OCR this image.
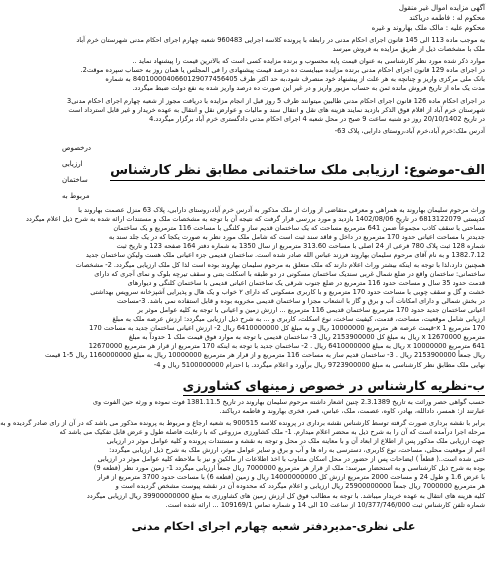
آگهی مزایده اموال غیر منقول
محکوم له : فاطمه دریاکند
محکوم علیه : مالک ملک بهاروند و غیره
به موجب ماده 113 الی 145 قانون اجرای احکام مدنی در رابطه با پرونده کلاسه اجرایی 960483 شعبه چهارم اجرای احکام مدنی شهرستان خرم آباد
ملک با مشخصات ذیل از طریق مزایده به فروش میرسد
موارد ذکر شده مورد نظر کارشناسی به عنوان قیمت پایه محسوب و برنده مزایده کسی است که بالاترین قیمت را پیشنهاد نماید ..
در اجرای ماده 129 قانون اجرای احکام مدنی برنده مزایده میبایست ده درصد قیمت پیشنهادی را فی المجلس یا همان روز به حساب سپرده موقت2.
بانک ملی مرکزی واریز و چنانچه به هر علت از پیشنهاد خود منصرف شود،به حد اکثر ظرف 8401000040660129077456405 به شماره
مدت یک ماه از تاریخ فروش مانده ثمن به حساب مزبور واریز و در غیر این صورت ده درصد واریز شده به نفع دولت ضبط میگردد.
در اجرای احکام ماده 126 قانون اجرای احکام مدنی طالبین میتوانند ظرف 5 روز قبل از انجام مزایده با دریافت مجوز از شعبه چهارم اجرای احکام مدنی3
شهرستان خرم آباد از اقلام فوق الذکر بازدید نمایند هزینه های نقل و انتقال سند و مالیات و عوارض نقل و انتقال به عهده خریدار و غیر قابل استرداد است
در تاریخ 20/10/1402 روز دو شنبه ساعت 9 صبح در محل شعبه 4 اجرای احکام مدنی دادگستری خرم آباد برگزار میگردد.4
آدرس ملک:خرم آباد،خرم آباد،روستای دارابی، پلاک 63-
الف-موضوع: ارزیابی ملک ساختمانی مطابق نظر کارشناس
درخصوص ارزیابی ساختمان مربوط به
وراث مرحوم سلیمان بهاروند به همراهی و معرفی متقاضی از وراث از ملک مذکور به آدرس خرم آباد،روستای دارابی، پلاک 63 منزل عصمت بهاروند با
کدپستی 6813122079 در تاریخ 1402/08/06 بازدید و مورد بررسی قرار گرفت که نتیجه آن با توجه به مشخصات ملک و مستندات ارائه شده به شرح ذیل اعلام میگردد
مساحتی با سقف کاذب مجموعاً ضمن 641 مترمربع مساحت که یک ساختمان قدیم ساز و کلنگی با مساحت 116 مترمربع و یک ساختمان
جدیدتر با مساحت اعیانی حدود 170 مترمربع در داخل و فاقد سند ثبت است که شامل ملک مورد نظر به صورت یکجا که در یک جلد سند به
شماره 128 ثبت پلاک 780 فرعی از 24 اصلی با مساحت 313.60 مترمربع از سال 1350 به شماره دفتر 164 صفحه 123 و تاریخ ثبت
1382.7.12 و به نام آقای مرحوم سلیمان بهاروند فرزند عباس الله صادر شده است. ساختمان قدیمی جزء اعیانی ملک هست ولیکن ساختمان جدید
همچنین دارد،لذا با توجه به اینکه بیشتر وراث اعلام دارند که ملک متعلق به مرحوم سلیمان بهاروند بوده است لذا کل ملک ارزیابی میگردد. 2- مشخصات
ساختمانی: ساختمان واقع در ضلع شمال غربی سندیک ساختمان مسکونی در دو طبقه با اسکلت بتنی و سقف تیرچه بلوک و نمای آجری که دارای
قدمت حدود 35 سال و مساحت حدود 116 مترمربع در ضلع جنوب شرقی یک ساختمان اعیانی قدیمی با ساختمان کلنگی و دیوارهای
خشت و گل و سقف چوبی با مساحت حدود 170 مترمربع و با کاربری مسکونی که دارای ۲ خواب و یک هال و پذیرایی آشپزخانه سرویس بهداشتی
در بخش شمالی و دارای امکانات آب و برق و گاز با انشعاب مجزا و ساختمان قدیمی مخروبه بوده و قابل استفاده نمی باشد. 3-مساحت
اعیانی ساختمان جدید حدود 170 مترمربع ساختمان قدیمی 116 مترمربع ... ارزش زمین و اعیانی با توجه به کلیه عوامل موثر بر
ارزیابی شامل موقعیت، مساحت، قدمت، کیفیت ساخت، نوع اسکلت، کاربری و ... به شرح ذیل ارزیابی میگردد: ارزش عرصه ملک به مبلغ
170 مترمربع x 1-قیمت عرصه هر مترمربع 10000000 ریال و به مبلغ کل 6410000000 ریال 2- ارزش اعیانی ساختمان جدید به مساحت 170
مترمربع x 12670000 ریال به مبلغ کل 2153900000 ریال 3- ساختمان قدیمی با توجه به موارد فوق قیمت ملک 1 حدوداً به مبلغ
641 مترمربع x 10000000 ریال به مبلغ 6410000000 ریال . 2- ساختمان جدید با توجه به اینکه 170 مترمربع از قرار هر مترمربع 12670000
ریال جمعاً 2153900000 ریال . 3- ساختمان قدیم ساز به مساحت 116 مترمربع و از قرار هر مترمربع 10000000 ریال به مبلغ 1160000000 ریال 5-1 قیمت
نهایی ملک مطابق نظر کارشناسی به مبلغ 9723900000 ریال برآورد و اعلام میگردد. با احترام 5100000000 ریال و 4-
ب-نظریه کارشناس در خصوص زمینهای کشاورزی
حسب گواهی حصر وراثت به تاریخ 2.3.1389 چنین اشعار داشته مرحوم سلیمان بهاروند در تاریخ 1381.11.5 فوت نموده و ورثه حین الفوت وی
عبارتند از: همسر، دادالله، بهادر، کاوه، عصمت، ملک، عباس، قمر، فخری بهاروند و فاطمه دریاکند.
برابر با نقشه برداری صورت گرفته توسط کارشناس نقشه برداری در پرونده کلاسه 900515 به شعبه ارجاع و مربوط به پرونده مذکور می باشد که در آن از رای صادر گردیده و به
مرحله اجرا درآمده است که آن را به شرح ذیل به محضر اعلام میدارم. 1- ملک کشاورزی مزروعی که با رعایت فاصله طول و عرض قابل تفکیک می باشد که
جهت ارزیابی ملک مذکور پس از اطلاع از ابعاد آن و با معاینه ملک در محل و توجه به نقشه و مستندات پرونده و کلیه عوامل موثر در ارزیابی
اعم از موقعیت محلی، مساحت، نوع کاربری، دسترسی به راه ها و آب و برق و سایر عوامل موثر، ارزش ملک به شرح ذیل ارزیابی میگردد:
حتی شده است..( قطعاً ) ایضاحات پس از حضور در محل اسکان متناوب با اخذ اطلاعات از مالکین و نیز با ملاحظه کلیه عوامل موثر در ارزیابی
بوده به شرح ذیل کارشناسی و به استحضار میرسد: ملک از قرار هر مترمربع 7000000 ریال جمعاً ارزیابی میگردد 1- زمین مورد نظر (قطعه 9)
با عرض 1.6 و طول 24 و مساحت 2000 مترمربع ارزش کل 14000000000 ریال و زمین (قطعه 6) با مساحت حدود 3700 مترمربع از قرار
هر مترمربع 7000000 ریال جمعاً 25900000000 ریال ارزیابی و اعلام میگردد که محدوده آن در نقشه پیوست مشخص گردیده است و
کلیه هزینه های انتقال به عهده خریدار میباشد. با توجه به مطالب فوق کل ارزش زمین های کشاورزی به مبلغ 39900000000 ریال ارزیابی میگردد
شماره تلفن کارشناس ثبت 10/377/746/000 از ساعت 10 الی 14 و شماره تماس 109169/1 ... ارائه شده است.
علی نظری-مدیردفتر شعبه چهارم اجرای احکام مدنی
